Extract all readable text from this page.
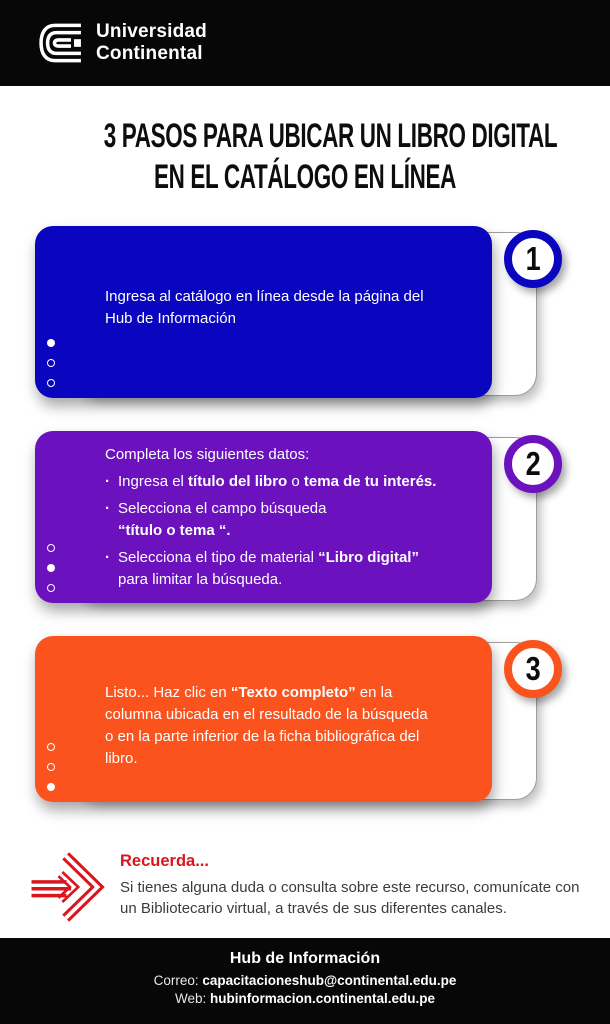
Universidad
Continental
3 PASOS PARA UBICAR UN LIBRO DIGITAL
EN EL CATÁLOGO EN LÍNEA

Ingresa al catálogo en línea desde la página del
Hub de Información

1

Completa los siguientes datos:

· Ingresa el título del libro o tema de tu interés.
· Selecciona el campo búsqueda
“título o tema “.
· Selecciona el tipo de material “Libro digital”
para limitar la búsqueda.
2

Listo... Haz clic en “Texto completo” en la
columna ubicada en el resultado de la búsqueda
o en la parte inferior de la ficha bibliográfica del
libro.

3
Recuerda...

Si tienes alguna duda o consulta sobre este recurso, comunícate con
un Bibliotecario virtual, a través de sus diferentes canales.

Hub de Información
Correo: capacitacioneshub@continental.edu.pe
Web: hubinformacion.continental.edu.pe
